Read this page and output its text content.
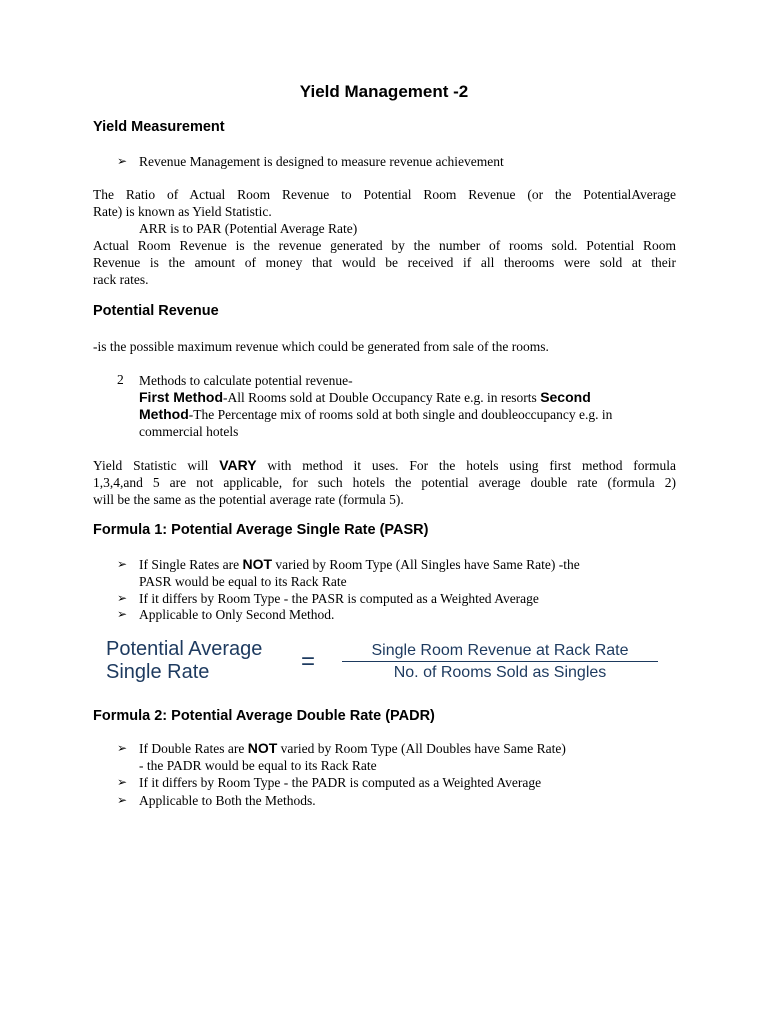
Yield Management -2
Yield Measurement
➢ Revenue Management is designed to measure revenue achievement
The Ratio of Actual Room Revenue to Potential Room Revenue (or the PotentialAverage
Rate) is known as Yield Statistic.
ARR is to PAR (Potential Average Rate)
Actual Room Revenue is the revenue generated by the number of rooms sold. Potential Room
Revenue is the amount of money that would be received if all therooms were sold at their
rack rates.
Potential Revenue
-is the possible maximum revenue which could be generated from sale of the rooms.
2 Methods to calculate potential revenue-
First Method-All Rooms sold at Double Occupancy Rate e.g. in resorts Second
Method-The Percentage mix of rooms sold at both single and doubleoccupancy e.g. in
commercial hotels
Yield Statistic will VARY with method it uses. For the hotels using first method formula
1,3,4,and 5 are not applicable, for such hotels the potential average double rate (formula 2)
will be the same as the potential average rate (formula 5).
Formula 1: Potential Average Single Rate (PASR)
➢ If Single Rates are NOT varied by Room Type (All Singles have Same Rate) -the
PASR would be equal to its Rack Rate
➢ If it differs by Room Type - the PASR is computed as a Weighted Average
➢ Applicable to Only Second Method.
Potential Average
Single Rate	=	Single Room Revenue at Rack Rate
No. of Rooms Sold as Singles
Formula 2: Potential Average Double Rate (PADR)
➢ If Double Rates are NOT varied by Room Type (All Doubles have Same Rate)
- the PADR would be equal to its Rack Rate
➢ If it differs by Room Type - the PADR is computed as a Weighted Average
➢ Applicable to Both the Methods.
